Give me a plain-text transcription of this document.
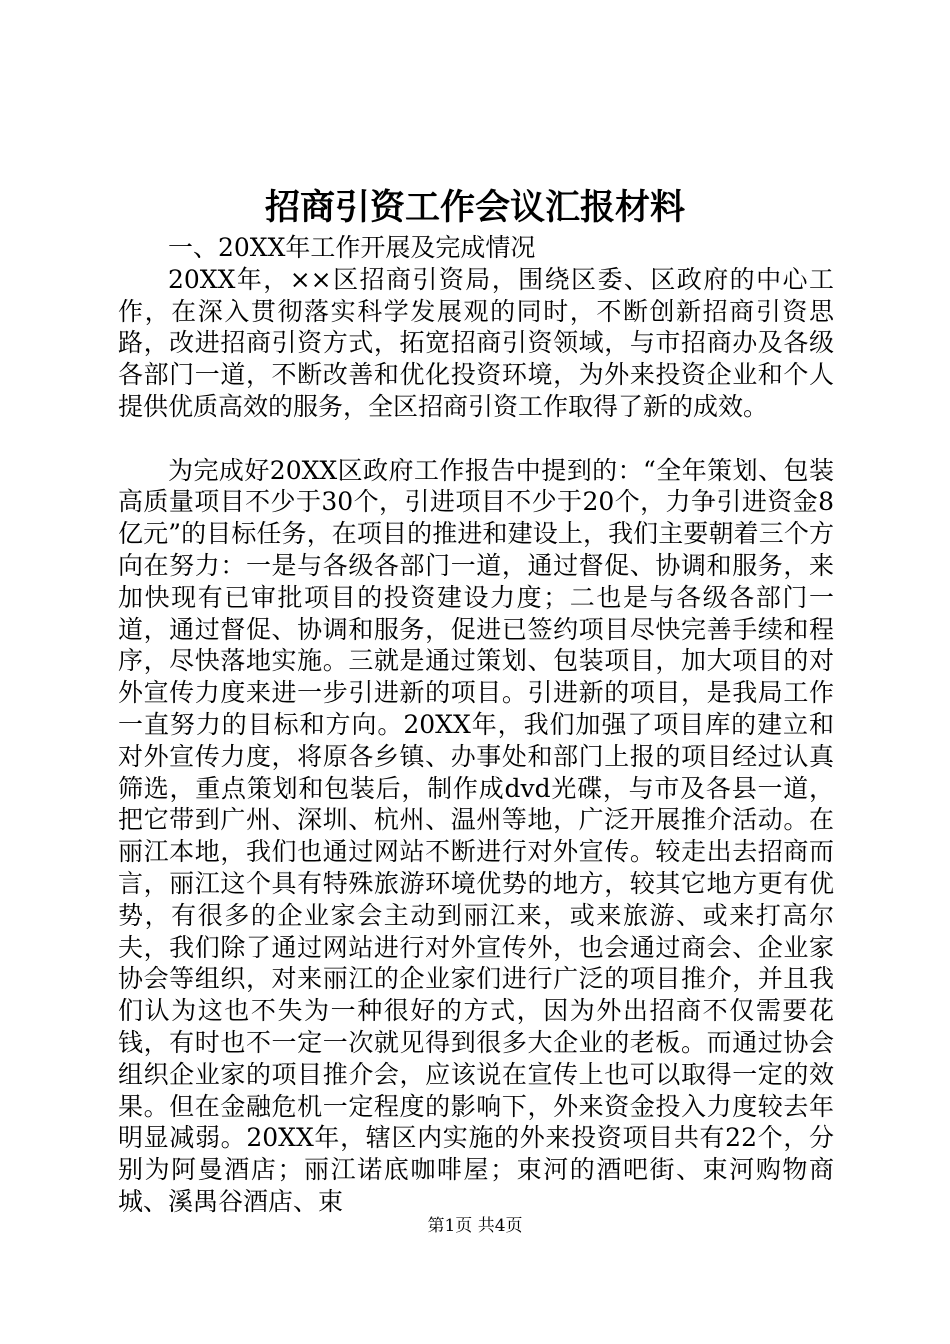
招商引资工作会议汇报材料

一、20XX年工作开展及完成情况

20XX年，××区招商引资局，围绕区委、区政府的中心工作，在深入贯彻落实科学发展观的同时，不断创新招商引资思路，改进招商引资方式，拓宽招商引资领域，与市招商办及各级各部门一道，不断改善和优化投资环境，为外来投资企业和个人提供优质高效的服务，全区招商引资工作取得了新的成效。

为完成好20XX区政府工作报告中提到的：“全年策划、包装高质量项目不少于30个，引进项目不少于20个，力争引进资金8亿元”的目标任务，在项目的推进和建设上，我们主要朝着三个方向在努力：一是与各级各部门一道，通过督促、协调和服务，来加快现有已审批项目的投资建设力度；二也是与各级各部门一道，通过督促、协调和服务，促进已签约项目尽快完善手续和程序，尽快落地实施。三就是通过策划、包装项目，加大项目的对外宣传力度来进一步引进新的项目。引进新的项目，是我局工作一直努力的目标和方向。20XX年，我们加强了项目库的建立和对外宣传力度，将原各乡镇、办事处和部门上报的项目经过认真筛选，重点策划和包装后，制作成dvd光碟，与市及各县一道，把它带到广州、深圳、杭州、温州等地，广泛开展推介活动。在丽江本地，我们也通过网站不断进行对外宣传。较走出去招商而言，丽江这个具有特殊旅游环境优势的地方，较其它地方更有优势，有很多的企业家会主动到丽江来，或来旅游、或来打高尔夫，我们除了通过网站进行对外宣传外，也会通过商会、企业家协会等组织，对来丽江的企业家们进行广泛的项目推介，并且我们认为这也不失为一种很好的方式，因为外出招商不仅需要花钱，有时也不一定一次就见得到很多大企业的老板。而通过协会组织企业家的项目推介会，应该说在宣传上也可以取得一定的效果。但在金融危机一定程度的影响下，外来资金投入力度较去年明显减弱。20XX年，辖区内实施的外来投资项目共有22个，分别为阿曼酒店；丽江诺底咖啡屋；束河的酒吧街、束河购物商城、溪禺谷酒店、束

第1页 共4页
